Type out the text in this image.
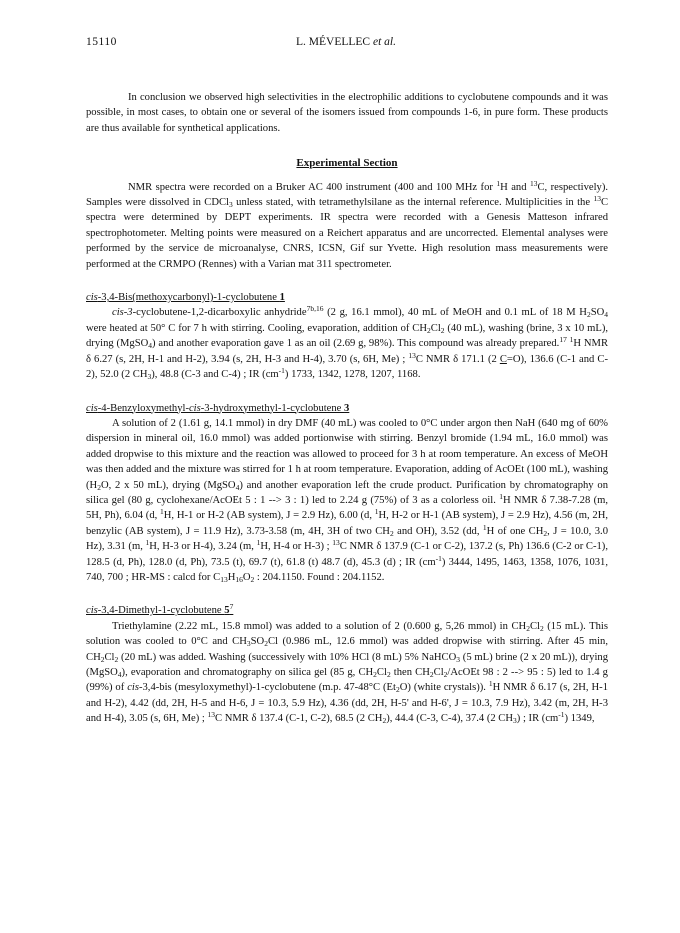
15110	L. MÉVELLEC et al.

In conclusion we observed high selectivities in the electrophilic additions to cyclobutene compounds and it was possible, in most cases, to obtain one or several of the isomers issued from compounds 1-6, in pure form. These products are thus available for synthetical applications.

Experimental Section

NMR spectra were recorded on a Bruker AC 400 instrument (400 and 100 MHz for $^1$H and $^{13}$C, respectively). Samples were dissolved in CDCl$_3$ unless stated, with tetramethylsilane as the internal reference. Multiplicities in the $^{13}$C spectra were determined by DEPT experiments. IR spectra were recorded with a Genesis Matteson infrared spectrophotometer. Melting points were measured on a Reichert apparatus and are uncorrected. Elemental analyses were performed by the service de microanalyse, CNRS, ICSN, Gif sur Yvette. High resolution mass measurements were performed at the CRMPO (Rennes) with a Varian mat 311 spectrometer.

cis-3,4-Bis(methoxycarbonyl)-1-cyclobutene 1

cis-3-cyclobutene-1,2-dicarboxylic anhydride$^{7b,16}$ (2 g, 16.1 mmol), 40 mL of MeOH and 0.1 mL of 18 M $H_2SO_4$ were heated at 50° C for 7 h with stirring. Cooling, evaporation, addition of $CH_2Cl_2$ (40 mL), washing (brine, 3 x 10 mL), drying (MgSO$_4$) and another evaporation gave 1 as an oil (2.69 g, 98%). This compound was already prepared.$^{17}$ $^1$H NMR δ 6.27 (s, 2H, H-1 and H-2), 3.94 (s, 2H, H-3 and H-4), 3.70 (s, 6H, Me) ; $^{13}$C NMR δ 171.1 (2 C=O), 136.6 (C-1 and C-2), 52.0 (2 $CH_3$), 48.8 (C-3 and C-4) ; IR $(cm^{-1})$ 1733, 1342, 1278, 1207, 1168.

cis-4-Benzyloxymethyl-cis-3-hydroxymethyl-1-cyclobutene 3

A solution of 2 (1.61 g, 14.1 mmol) in dry DMF (40 mL) was cooled to 0°C under argon then NaH (640 mg of 60% dispersion in mineral oil, 16.0 mmol) was added portionwise with stirring. Benzyl bromide (1.94 mL, 16.0 mmol) was added dropwise to this mixture and the reaction was allowed to proceed for 3 h at room temperature. An excess of MeOH was then added and the mixture was stirred for 1 h at room temperature. Evaporation, adding of AcOEt (100 mL), washing ($H_2O$, 2 x 50 mL), drying (MgSO$_4$) and another evaporation left the crude product. Purification by chromatography on silica gel (80 g, cyclohexane/AcOEt 5 : 1 --> 3 : 1) led to 2.24 g (75%) of 3 as a colorless oil. $^1$H NMR δ 7.38-7.28 (m, 5H, Ph), 6.04 (d, $^1$H, H-1 or H-2 (AB system), J = 2.9 Hz), 6.00 (d, $^1$H, H-2 or H-1 (AB system), J = 2.9 Hz), 4.56 (m, 2H, benzylic (AB system), J = 11.9 Hz), 3.73-3.58 (m, 4H, 3H of two $CH_2$ and OH), 3.52 (dd, $^1$H of one $CH_2$, J = 10.0, 3.0 Hz), 3.31 (m, $^1$H, H-3 or H-4), 3.24 (m, $^1$H, H-4 or H-3) ; $^{13}$C NMR δ 137.9 (C-1 or C-2), 137.2 (s, Ph) 136.6 (C-2 or C-1), 128.5 (d, Ph), 128.0 (d, Ph), 73.5 (t), 69.7 (t), 61.8 (t) 48.7 (d), 45.3 (d) ; IR $(cm^{-1})$ 3444, 1495, 1463, 1358, 1076, 1031, 740, 700 ; HR-MS : calcd for $C_{13}H_{16}O_2$ : 204.1150. Found : 204.1152.

cis-3,4-Dimethyl-1-cyclobutene $5^7$

Triethylamine (2.22 mL, 15.8 mmol) was added to a solution of 2 (0.600 g, 5,26 mmol) in $CH_2Cl_2$ (15 mL). This solution was cooled to 0°C and $CH_3SO_2Cl$ (0.986 mL, 12.6 mmol) was added dropwise with stirring. After 45 min, $CH_2Cl_2$ (20 mL) was added. Washing (successively with 10% HCl (8 mL) 5% NaHCO$_3$ (5 mL) brine (2 x 20 mL)), drying (MgSO$_4$), evaporation and chromatography on silica gel (85 g, $CH_2Cl_2$ then $CH_2Cl_2$/AcOEt 98 : 2 --> 95 : 5) led to 1.4 g (99%) of cis-3,4-bis (mesyloxymethyl)-1-cyclobutene (m.p. 47-48°C $(Et_2O)$ (white crystals)). $^1$H NMR δ 6.17 (s, 2H, H-1 and H-2), 4.42 (dd, 2H, H-5 and H-6, J = 10.3, 5.9 Hz), 4.36 (dd, 2H, H-5' and H-6', J = 10.3, 7.9 Hz), 3.42 (m, 2H, H-3 and H-4), 3.05 (s, 6H, Me) ; $^{13}$C NMR δ 137.4 (C-1, C-2), 68.5 (2 $CH_2$), 44.4 (C-3, C-4), 37.4 (2 $CH_3$) ; IR $(cm^{-1})$ 1349,
